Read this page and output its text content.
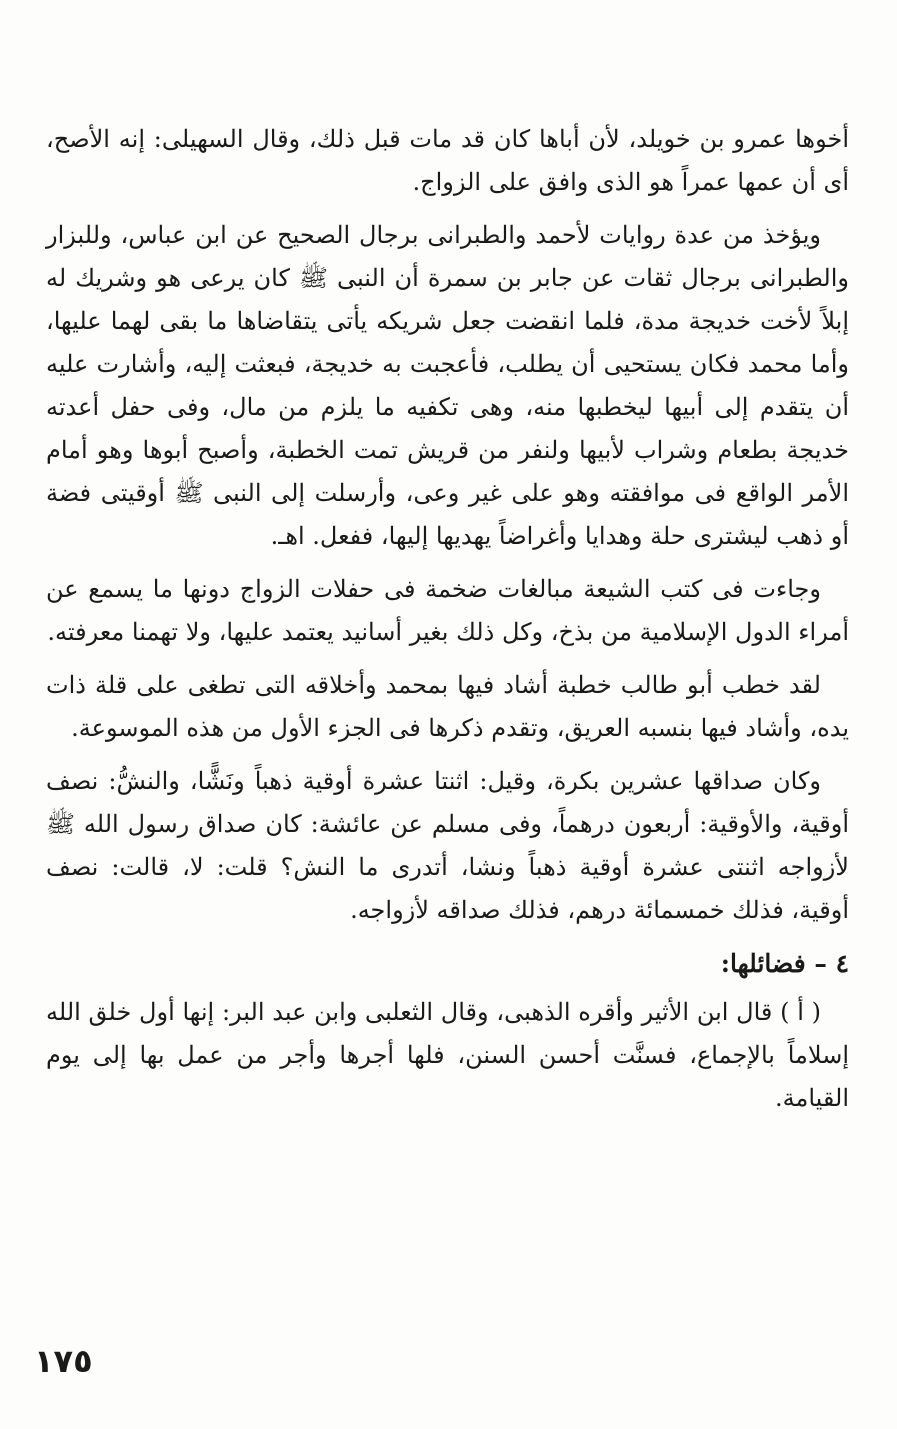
أخوها عمرو بن خويلد، لأن أباها كان قد مات قبل ذلك، وقال السهيلى: إنه الأصح، أى أن عمها عمراً هو الذى وافق على الزواج.

ويؤخذ من عدة روايات لأحمد والطبرانى برجال الصحيح عن ابن عباس، وللبزار والطبرانى برجال ثقات عن جابر بن سمرة أن النبى ﷺ كان يرعى هو وشريك له إبلاً لأخت خديجة مدة، فلما انقضت جعل شريكه يأتى يتقاضاها ما بقى لهما عليها، وأما محمد فكان يستحيى أن يطلب، فأعجبت به خديجة، فبعثت إليه، وأشارت عليه أن يتقدم إلى أبيها ليخطبها منه، وهى تكفيه ما يلزم من مال، وفى حفل أعدته خديجة بطعام وشراب لأبيها ولنفر من قريش تمت الخطبة، وأصبح أبوها وهو أمام الأمر الواقع فى موافقته وهو على غير وعى، وأرسلت إلى النبى ﷺ أوقيتى فضة أو ذهب ليشترى حلة وهدايا وأغراضاً يهديها إليها، ففعل. اهـ.

وجاءت فى كتب الشيعة مبالغات ضخمة فى حفلات الزواج دونها ما يسمع عن أمراء الدول الإسلامية من بذخ، وكل ذلك بغير أسانيد يعتمد عليها، ولا تهمنا معرفته.

لقد خطب أبو طالب خطبة أشاد فيها بمحمد وأخلاقه التى تطغى على قلة ذات يده، وأشاد فيها بنسبه العريق، وتقدم ذكرها فى الجزء الأول من هذه الموسوعة.

وكان صداقها عشرين بكرة، وقيل: اثنتا عشرة أوقية ذهباً ونَشًّا، والنشُّ: نصف أوقية، والأوقية: أربعون درهماً، وفى مسلم عن عائشة: كان صداق رسول الله ﷺ لأزواجه اثنتى عشرة أوقية ذهباً ونشا، أتدرى ما النش؟ قلت: لا، قالت: نصف أوقية، فذلك خمسمائة درهم، فذلك صداقه لأزواجه.

٤ – فضائلها:

( أ ) قال ابن الأثير وأقره الذهبى، وقال الثعلبى وابن عبد البر: إنها أول خلق الله إسلاماً بالإجماع، فسنَّت أحسن السنن، فلها أجرها وأجر من عمل بها إلى يوم القيامة.

١٧٥
